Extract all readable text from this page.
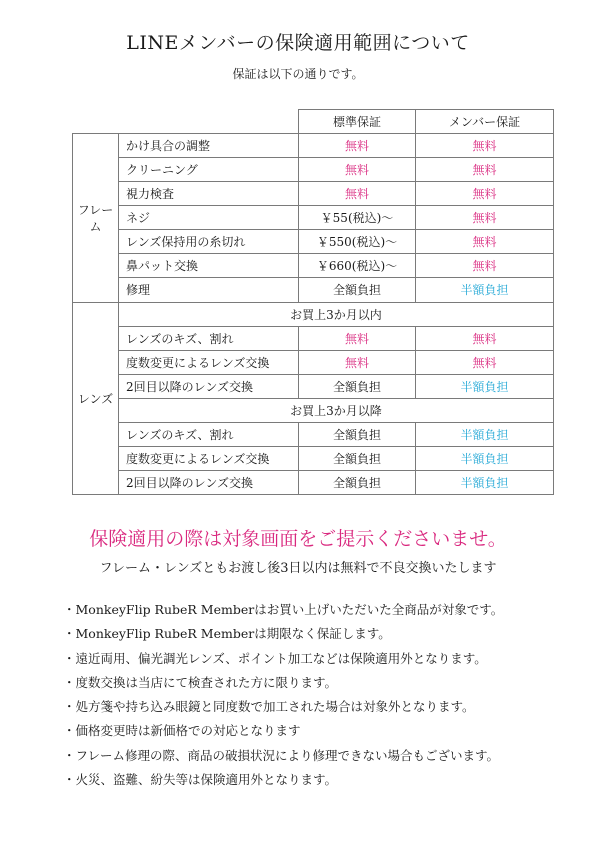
LINEメンバーの保険適用範囲について
保証は以下の通りです。
		標準保証	メンバー保証
フレーム	かけ具合の調整	無料	無料
	クリーニング	無料	無料
	視力検査	無料	無料
	ネジ	￥55(税込)～	無料
	レンズ保持用の糸切れ	￥550(税込)～	無料
	鼻パット交換	￥660(税込)～	無料
	修理	全額負担	半額負担
レンズ	お買上3か月以内		
	レンズのキズ、割れ	無料	無料
	度数変更によるレンズ交換	無料	無料
	2回目以降のレンズ交換	全額負担	半額負担
	お買上3か月以降		
	レンズのキズ、割れ	全額負担	半額負担
	度数変更によるレンズ交換	全額負担	半額負担
	2回目以降のレンズ交換	全額負担	半額負担
保険適用の際は対象画面をご提示くださいませ。
フレーム・レンズともお渡し後3日以内は無料で不良交換いたします
・MonkeyFlip RubeR Memberはお買い上げいただいた全商品が対象です。
・MonkeyFlip RubeR Memberは期限なく保証します。
・遠近両用、偏光調光レンズ、ポイント加工などは保険適用外となります。
・度数交換は当店にて検査された方に限ります。
・処方箋や持ち込み眼鏡と同度数で加工された場合は対象外となります。
・価格変更時は新価格での対応となります
・フレーム修理の際、商品の破損状況により修理できない場合もございます。
・火災、盗難、紛失等は保険適用外となります。
